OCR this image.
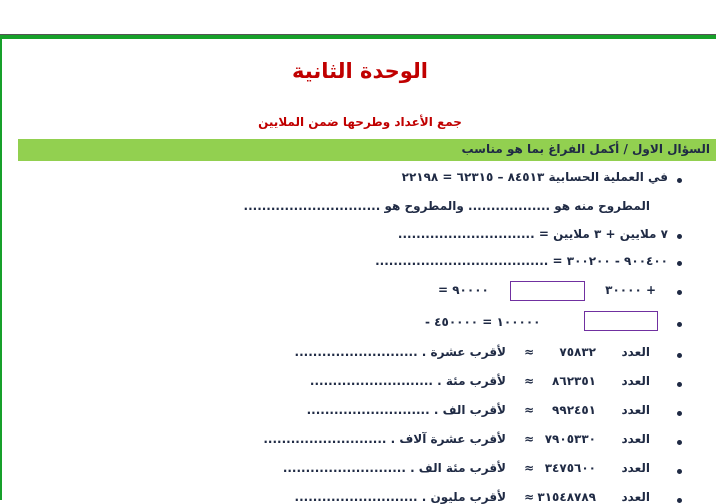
الوحدة الثانية
جمع الأعداد وطرحها ضمن الملايين
السؤال الاول / أكمل الفراغ بما هو مناسب
في العملية الحسابية ٨٤٥١٣ – ٦٢٣١٥ = ٢٢١٩٨
المطروح منه هو .................. والمطروح هو ..............................
٧ ملايين + ٣ ملايين = ..............................
٩٠٠٤٠٠ - ٣٠٠٢٠٠ = ......................................
+ ٣٠٠٠٠
٩٠٠٠٠ =
١٠٠٠٠٠ = ٤٥٠٠٠٠ -
العدد
٧٥٨٣٢
≈
لأقرب عشرة . ...........................
العدد
٨٦٢٣٥١
≈
لأقرب مئة . ...........................
العدد
٩٩٢٤٥١
≈
لأقرب الف . ...........................
العدد
٧٩٠٥٣٣٠
≈
لأقرب عشرة آلاف . ...........................
العدد
٣٤٧٥٦٠٠
≈
لأقرب مئة الف . ...........................
العدد
٣١٥٤٨٧٨٩
≈
لأقرب مليون . ...........................
